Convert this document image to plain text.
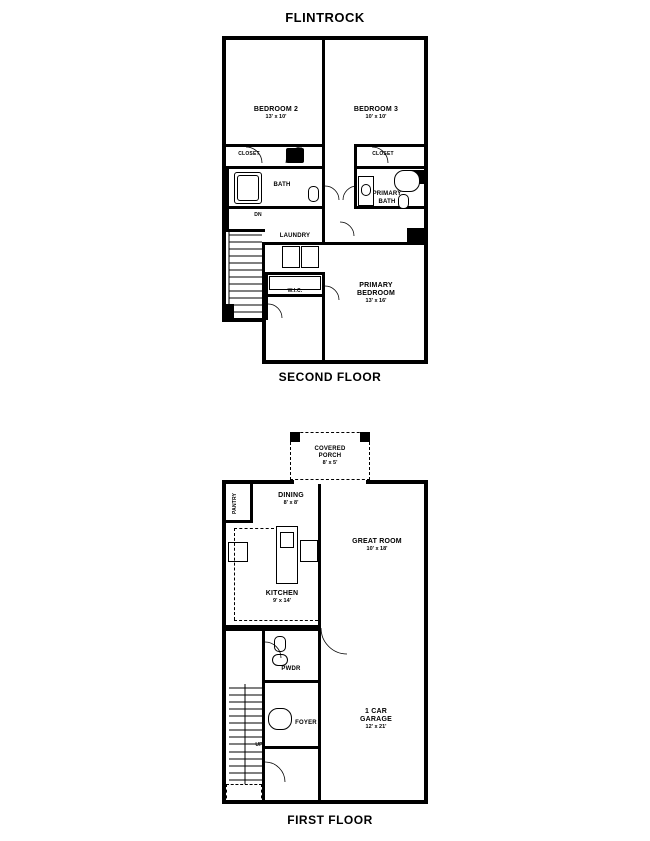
FLINTROCK
BEDROOM 2
13' x 10'
BEDROOM 3
10' x 10'
CLOSET	CLOSET
BATH
PRIMARY
BATH
DN
LAUNDRY
W.I.C.
PRIMARY
BEDROOM
13' x 16'
SECOND FLOOR
COVERED
PORCH
8' x 5'
PANTRY	DINING
8' x 8'
GREAT ROOM
10' x 18'
KITCHEN
9' x 14'
PWDR
FOYER
UP
1 CAR
GARAGE
12' x 21'
FIRST FLOOR
